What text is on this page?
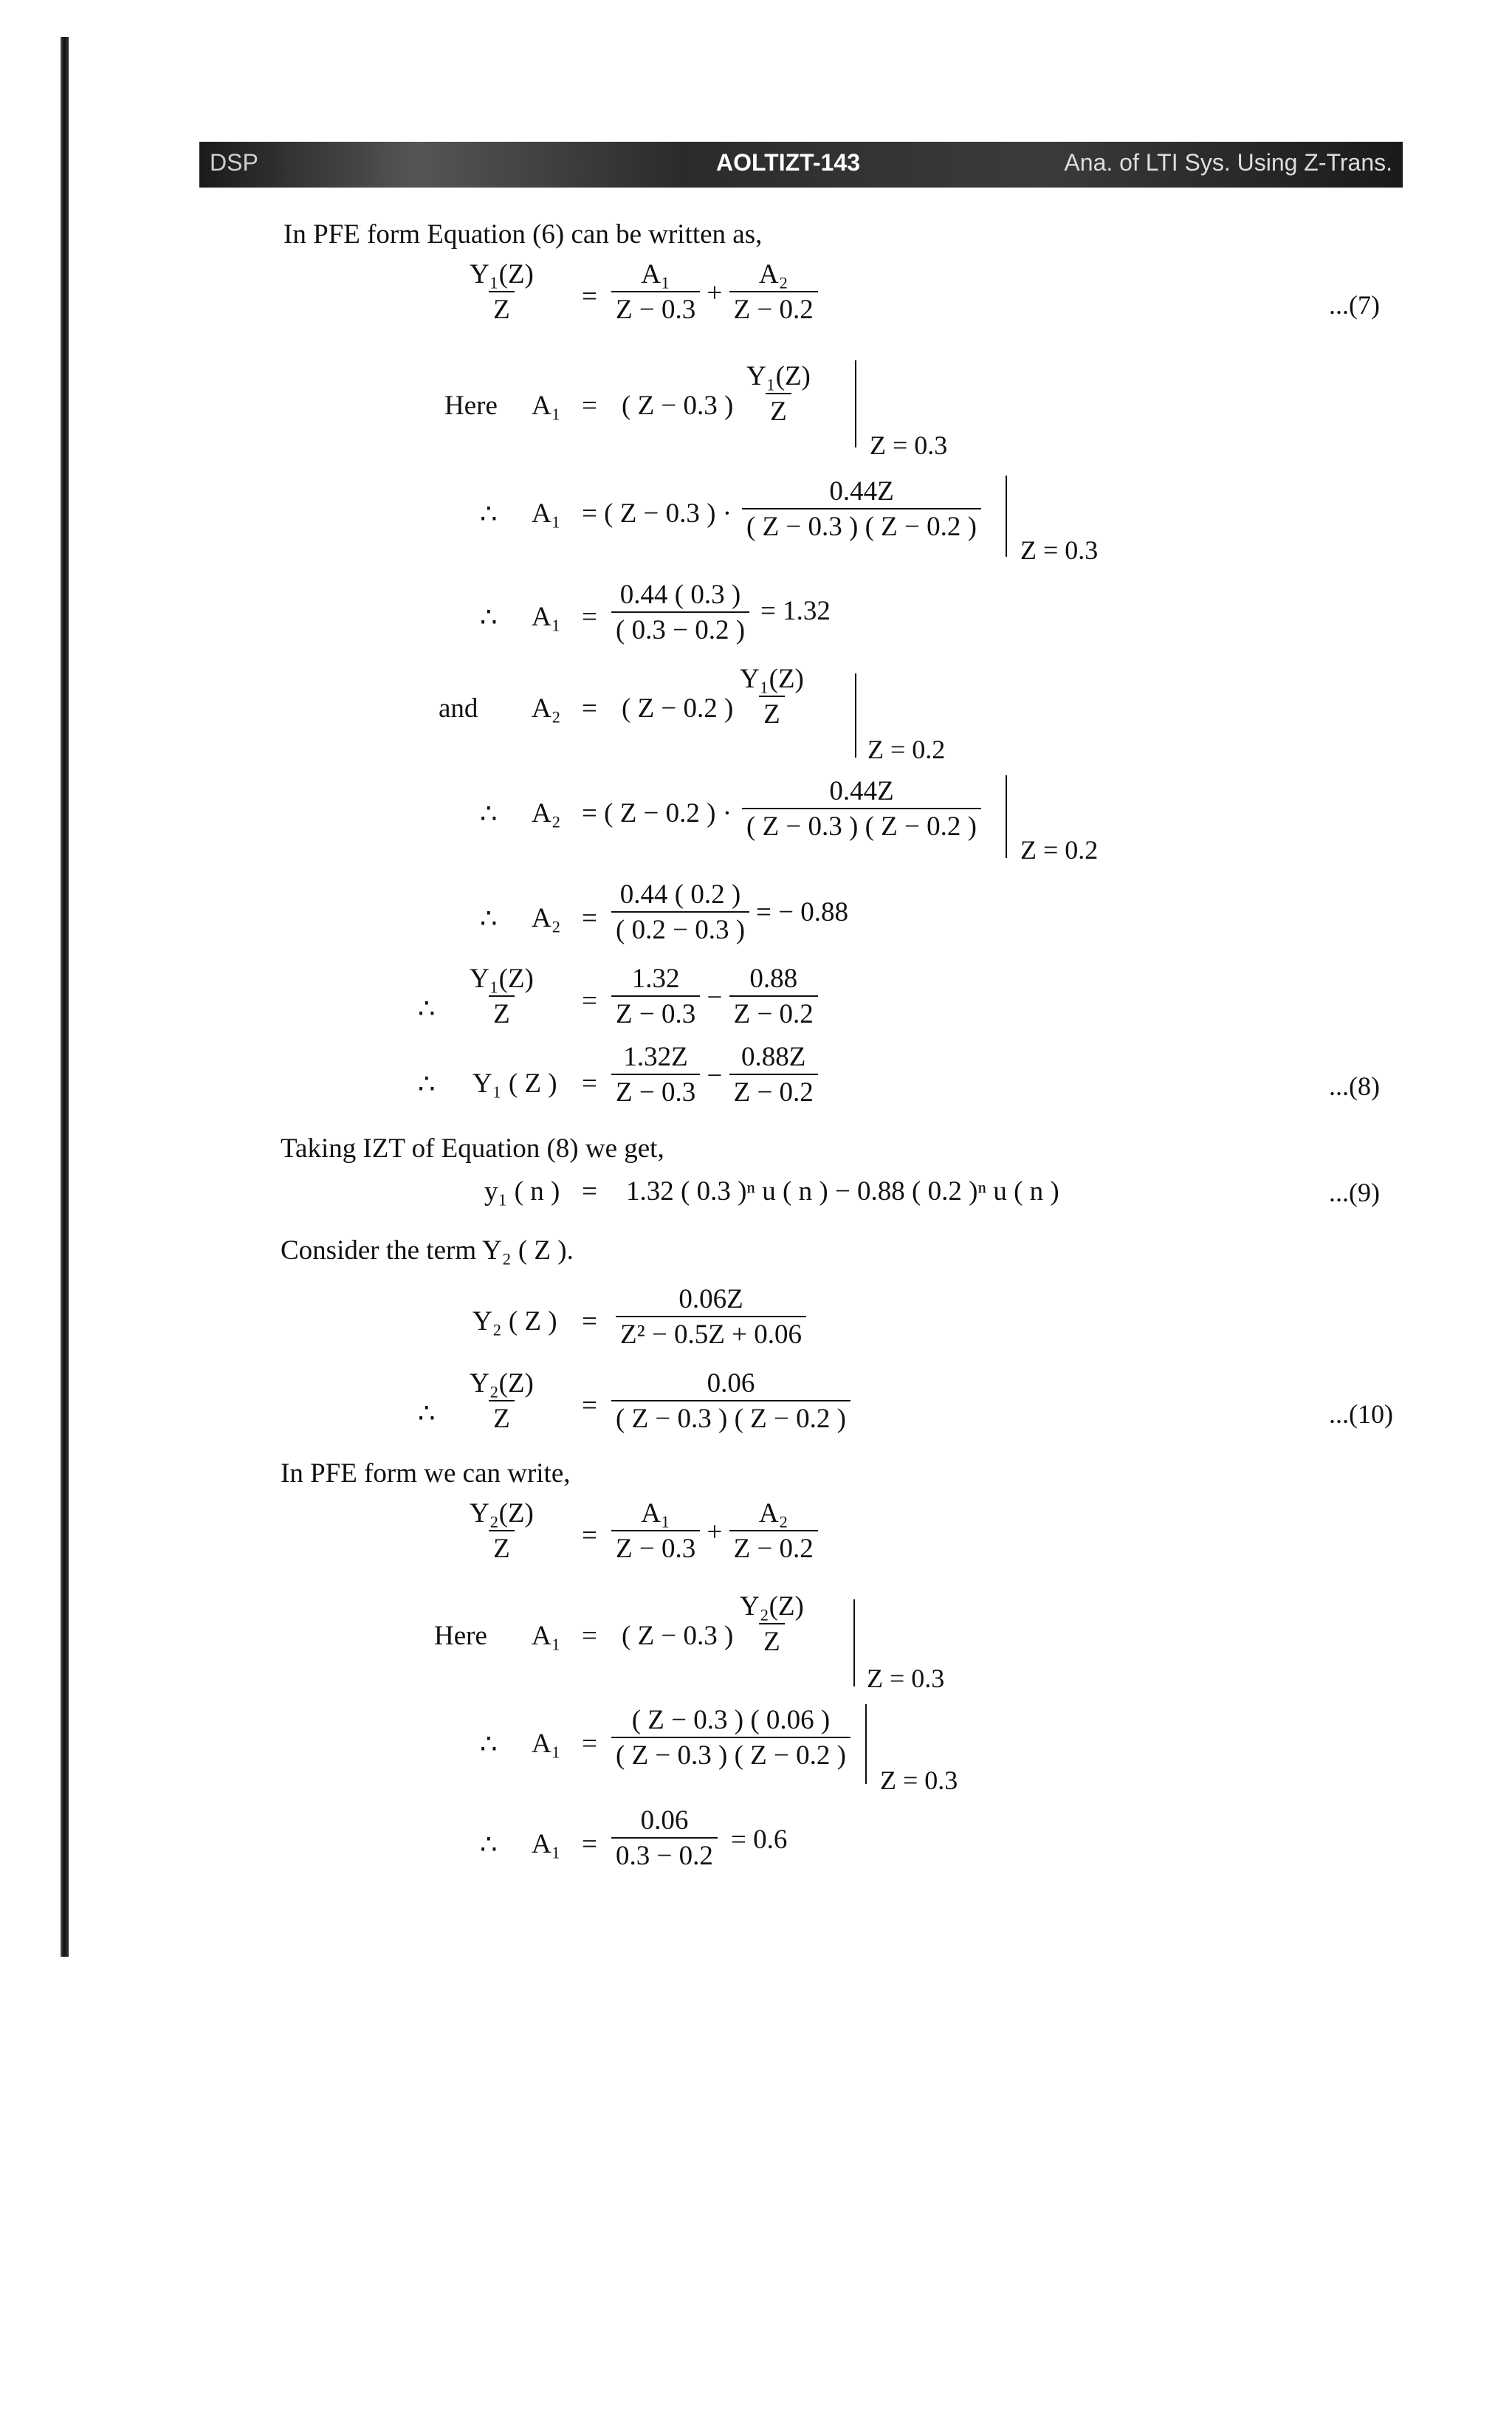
DSP	AOLTIZT-143	Ana. of LTI Sys. Using Z-Trans.
In PFE form Equation (6) can be written as,
$\frac{\text{Y₁(Z)}}{Z} = \frac{\text{A₁}}{Z - 0.3} + \frac{\text{A₂}}{Z - 0.2}$	...(7)
Here A₁ = ( Z − 0.3 ) $\frac{\text{Y₁(Z)}}{Z}$
Z = 0.3
∴ A₁ = ( Z − 0.3 ) · $\frac{0.44Z}{( Z - 0.3 ) ( Z - 0.2 )}$
Z = 0.3
∴ $A_1 = \frac{0.44 ( 0.3 )}{( 0.3 - 0.2 )} = 1.32$
and A₂ = ( Z − 0.2 ) $\frac{\text{Y₁(Z)}}{Z}$
Z = 0.2
∴ A₂ = ( Z − 0.2 ) · $\frac{0.44Z}{( Z - 0.3 ) ( Z - 0.2 )}$
Z = 0.2
∴ $A_2 = \frac{0.44 ( 0.2 )}{( 0.2 - 0.3 )}$ = − 0.88
∴ $\frac{\text{Y₁(Z)}}{Z} = \frac{1.32}{Z - 0.3} - \frac{0.88}{Z - 0.2}$
∴ Y₁ ( Z ) = $\frac{1.32Z}{Z - 0.3} - \frac{0.88Z}{Z - 0.2}$	...(8)
Taking IZT of Equation (8) we get,
y₁ ( n ) = 1.32 ( 0.3 )ⁿ u ( n ) − 0.88 ( 0.2 )ⁿ u ( n )	...(9)
Consider the term Y₂ ( Z ).
Y₂ ( Z ) = $\frac{0.06Z}{\text{Z² − 0.5Z + 0.06}}$
∴ $\frac{\text{Y₂(Z)}}{Z} = \frac{0.06}{( Z - 0.3 ) ( Z - 0.2 )}$	...(10)
In PFE form we can write,
$\frac{\text{Y₂(Z)}}{Z} = \frac{\text{A₁}}{Z - 0.3} + \frac{\text{A₂}}{Z - 0.2}$
Here A₁ = ( Z − 0.3 ) $\frac{\text{Y₂(Z)}}{Z}$
Z = 0.3
∴ $A_1 = \frac{( Z - 0.3 ) ( 0.06 )}{( Z - 0.3 ) ( Z - 0.2 )}$
Z = 0.3
∴ $A_1 = \frac{0.06}{0.3 - 0.2} = 0.6$
